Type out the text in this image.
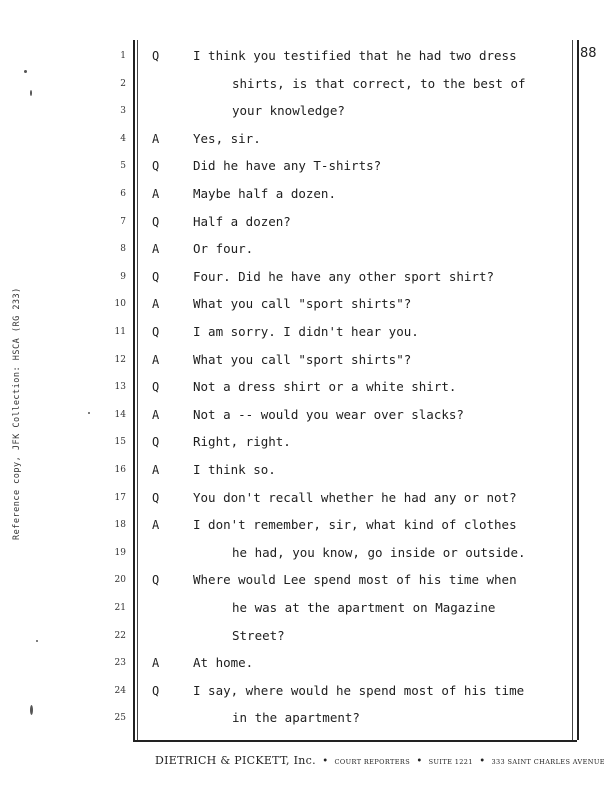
88
1 Q	I think you testified that he had two dress
2	shirts, is that correct, to the best of
3	your knowledge?
4 A	Yes, sir.
5 Q	Did he have any T-shirts?
6 A	Maybe half a dozen.
7 Q	Half a dozen?
8 A	Or four.
9 Q	Four. Did he have any other sport shirt?
10 A	What you call "sport shirts"?
11 Q	I am sorry. I didn't hear you.
12 A	What you call "sport shirts"?
13 Q	Not a dress shirt or a white shirt.
14 A	Not a -- would you wear over slacks?
15 Q	Right, right.
16 A	I think so.
17 Q	You don't recall whether he had any or not?
18 A	I don't remember, sir, what kind of clothes
19	he had, you know, go inside or outside.
20 Q	Where would Lee spend most of his time when
21	he was at the apartment on Magazine
22	Street?
23 A	At home.
24 Q	I say, where would he spend most of his time
25	in the apartment?
DIETRICH & PICKETT, Inc.  •  COURT REPORTERS  •  SUITE 1221  •  333 SAINT CHARLES AVENUE
Reference copy, JFK Collection: HSCA (RG 233)
